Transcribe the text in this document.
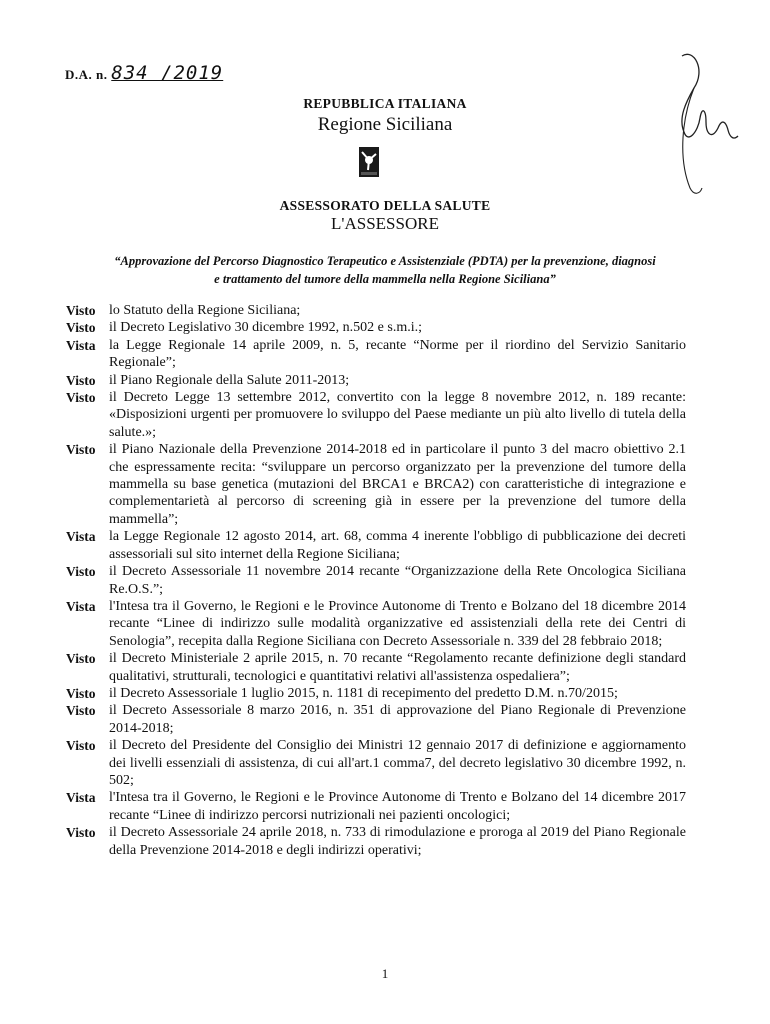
D.A. n. 834 /2019
REPUBBLICA ITALIANA
Regione Siciliana
ASSESSORATO DELLA SALUTE
L'ASSESSORE
“Approvazione del Percorso Diagnostico Terapeutico e Assistenziale (PDTA) per la prevenzione, diagnosi
e trattamento del tumore della mammella nella Regione Siciliana”
Visto lo Statuto della Regione Siciliana;
Visto il Decreto Legislativo 30 dicembre 1992, n.502 e s.m.i.;
Vista la Legge Regionale 14 aprile 2009, n. 5, recante “Norme per il riordino del Servizio Sanitario Regionale”;
Visto il Piano Regionale della Salute 2011-2013;
Visto il Decreto Legge 13 settembre 2012, convertito con la legge 8 novembre 2012, n. 189 recante: «Disposizioni urgenti per promuovere lo sviluppo del Paese mediante un più alto livello di tutela della salute.»;
Visto il Piano Nazionale della Prevenzione 2014-2018 ed in particolare il punto 3 del macro obiettivo 2.1 che espressamente recita: “sviluppare un percorso organizzato per la prevenzione del tumore della mammella su base genetica (mutazioni del BRCA1 e BRCA2) con caratteristiche di integrazione e complementarietà al percorso di screening già in essere per la prevenzione del tumore della mammella”;
Vista la Legge Regionale 12 agosto 2014, art. 68, comma 4 inerente l'obbligo di pubblicazione dei decreti assessoriali sul sito internet della Regione Siciliana;
Visto il Decreto Assessoriale 11 novembre 2014 recante “Organizzazione della Rete Oncologica Siciliana Re.O.S.”;
Vista l'Intesa tra il Governo, le Regioni e le Province Autonome di Trento e Bolzano del 18 dicembre 2014 recante “Linee di indirizzo sulle modalità organizzative ed assistenziali della rete dei Centri di Senologia”, recepita dalla Regione Siciliana con Decreto Assessoriale n. 339 del 28 febbraio 2018;
Visto il Decreto Ministeriale 2 aprile 2015, n. 70 recante “Regolamento recante definizione degli standard qualitativi, strutturali, tecnologici e quantitativi relativi all'assistenza ospedaliera”;
Visto il Decreto Assessoriale 1 luglio 2015, n. 1181 di recepimento del predetto D.M. n.70/2015;
Visto il Decreto Assessoriale 8 marzo 2016, n. 351 di approvazione del Piano Regionale di Prevenzione 2014-2018;
Visto il Decreto del Presidente del Consiglio dei Ministri 12 gennaio 2017 di definizione e aggiornamento dei livelli essenziali di assistenza, di cui all'art.1 comma7, del decreto legislativo 30 dicembre 1992, n. 502;
Vista l'Intesa tra il Governo, le Regioni e le Province Autonome di Trento e Bolzano del 14 dicembre 2017 recante “Linee di indirizzo percorsi nutrizionali nei pazienti oncologici;
Visto il Decreto Assessoriale 24 aprile 2018, n. 733 di rimodulazione e proroga al 2019 del Piano Regionale della Prevenzione 2014-2018 e degli indirizzi operativi;
1
